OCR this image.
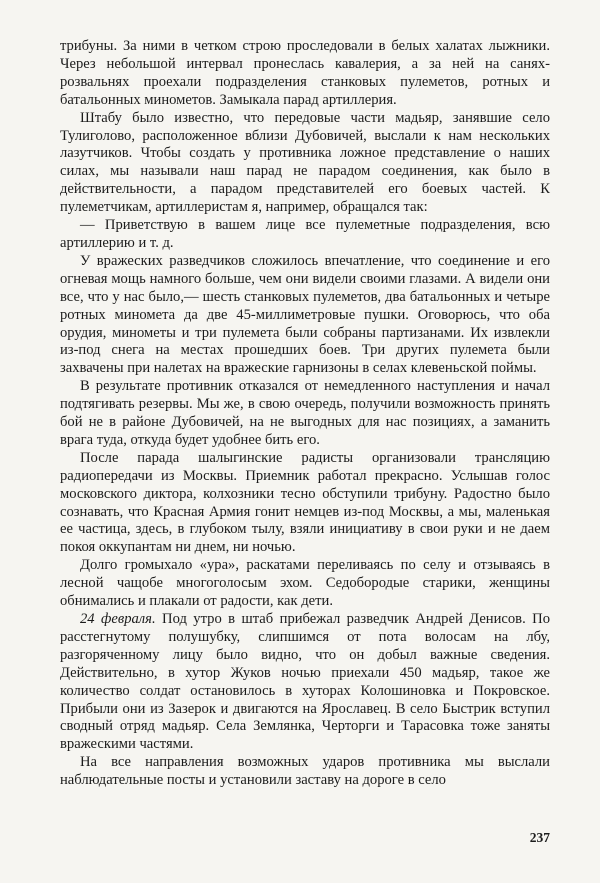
трибуны. За ними в четком строю проследовали в белых халатах лыжники. Через небольшой интервал пронеслась кавалерия, а за ней на санях-розвальнях проехали подразделения станковых пулеметов, ротных и батальонных минометов. Замыкала парад артиллерия.

Штабу было известно, что передовые части мадьяр, занявшие село Тулиголово, расположенное вблизи Дубовичей, выслали к нам нескольких лазутчиков. Чтобы создать у противника ложное представление о наших силах, мы называли наш парад не парадом соединения, как было в действительности, а парадом представителей его боевых частей. К пулеметчикам, артиллеристам я, например, обращался так:

— Приветствую в вашем лице все пулеметные подразделения, всю артиллерию и т. д.

У вражеских разведчиков сложилось впечатление, что соединение и его огневая мощь намного больше, чем они видели своими глазами. А видели они все, что у нас было,— шесть станковых пулеметов, два батальонных и четыре ротных миномета да две 45-миллиметровые пушки. Оговорюсь, что оба орудия, минометы и три пулемета были собраны партизанами. Их извлекли из-под снега на местах прошедших боев. Три других пулемета были захвачены при налетах на вражеские гарнизоны в селах клевеньской поймы.

В результате противник отказался от немедленного наступления и начал подтягивать резервы. Мы же, в свою очередь, получили возможность принять бой не в районе Дубовичей, на не выгодных для нас позициях, а заманить врага туда, откуда будет удобнее бить его.

После парада шалыгинские радисты организовали трансляцию радиопередачи из Москвы. Приемник работал прекрасно. Услышав голос московского диктора, колхозники тесно обступили трибуну. Радостно было сознавать, что Красная Армия гонит немцев из-под Москвы, а мы, маленькая ее частица, здесь, в глубоком тылу, взяли инициативу в свои руки и не даем покоя оккупантам ни днем, ни ночью.

Долго громыхало «ура», раскатами переливаясь по селу и отзываясь в лесной чащобе многоголосым эхом. Седобородые старики, женщины обнимались и плакали от радости, как дети.

24 февраля. Под утро в штаб прибежал разведчик Андрей Денисов. По расстегнутому полушубку, слипшимся от пота волосам на лбу, разгоряченному лицу было видно, что он добыл важные сведения. Действительно, в хутор Жуков ночью приехали 450 мадьяр, такое же количество солдат остановилось в хуторах Колошиновка и Покровское. Прибыли они из Зазерок и двигаются на Ярославец. В село Быстрик вступил сводный отряд мадьяр. Села Землянка, Черторги и Тарасовка тоже заняты вражескими частями.

На все направления возможных ударов противника мы выслали наблюдательные посты и установили заставу на дороге в село

237
